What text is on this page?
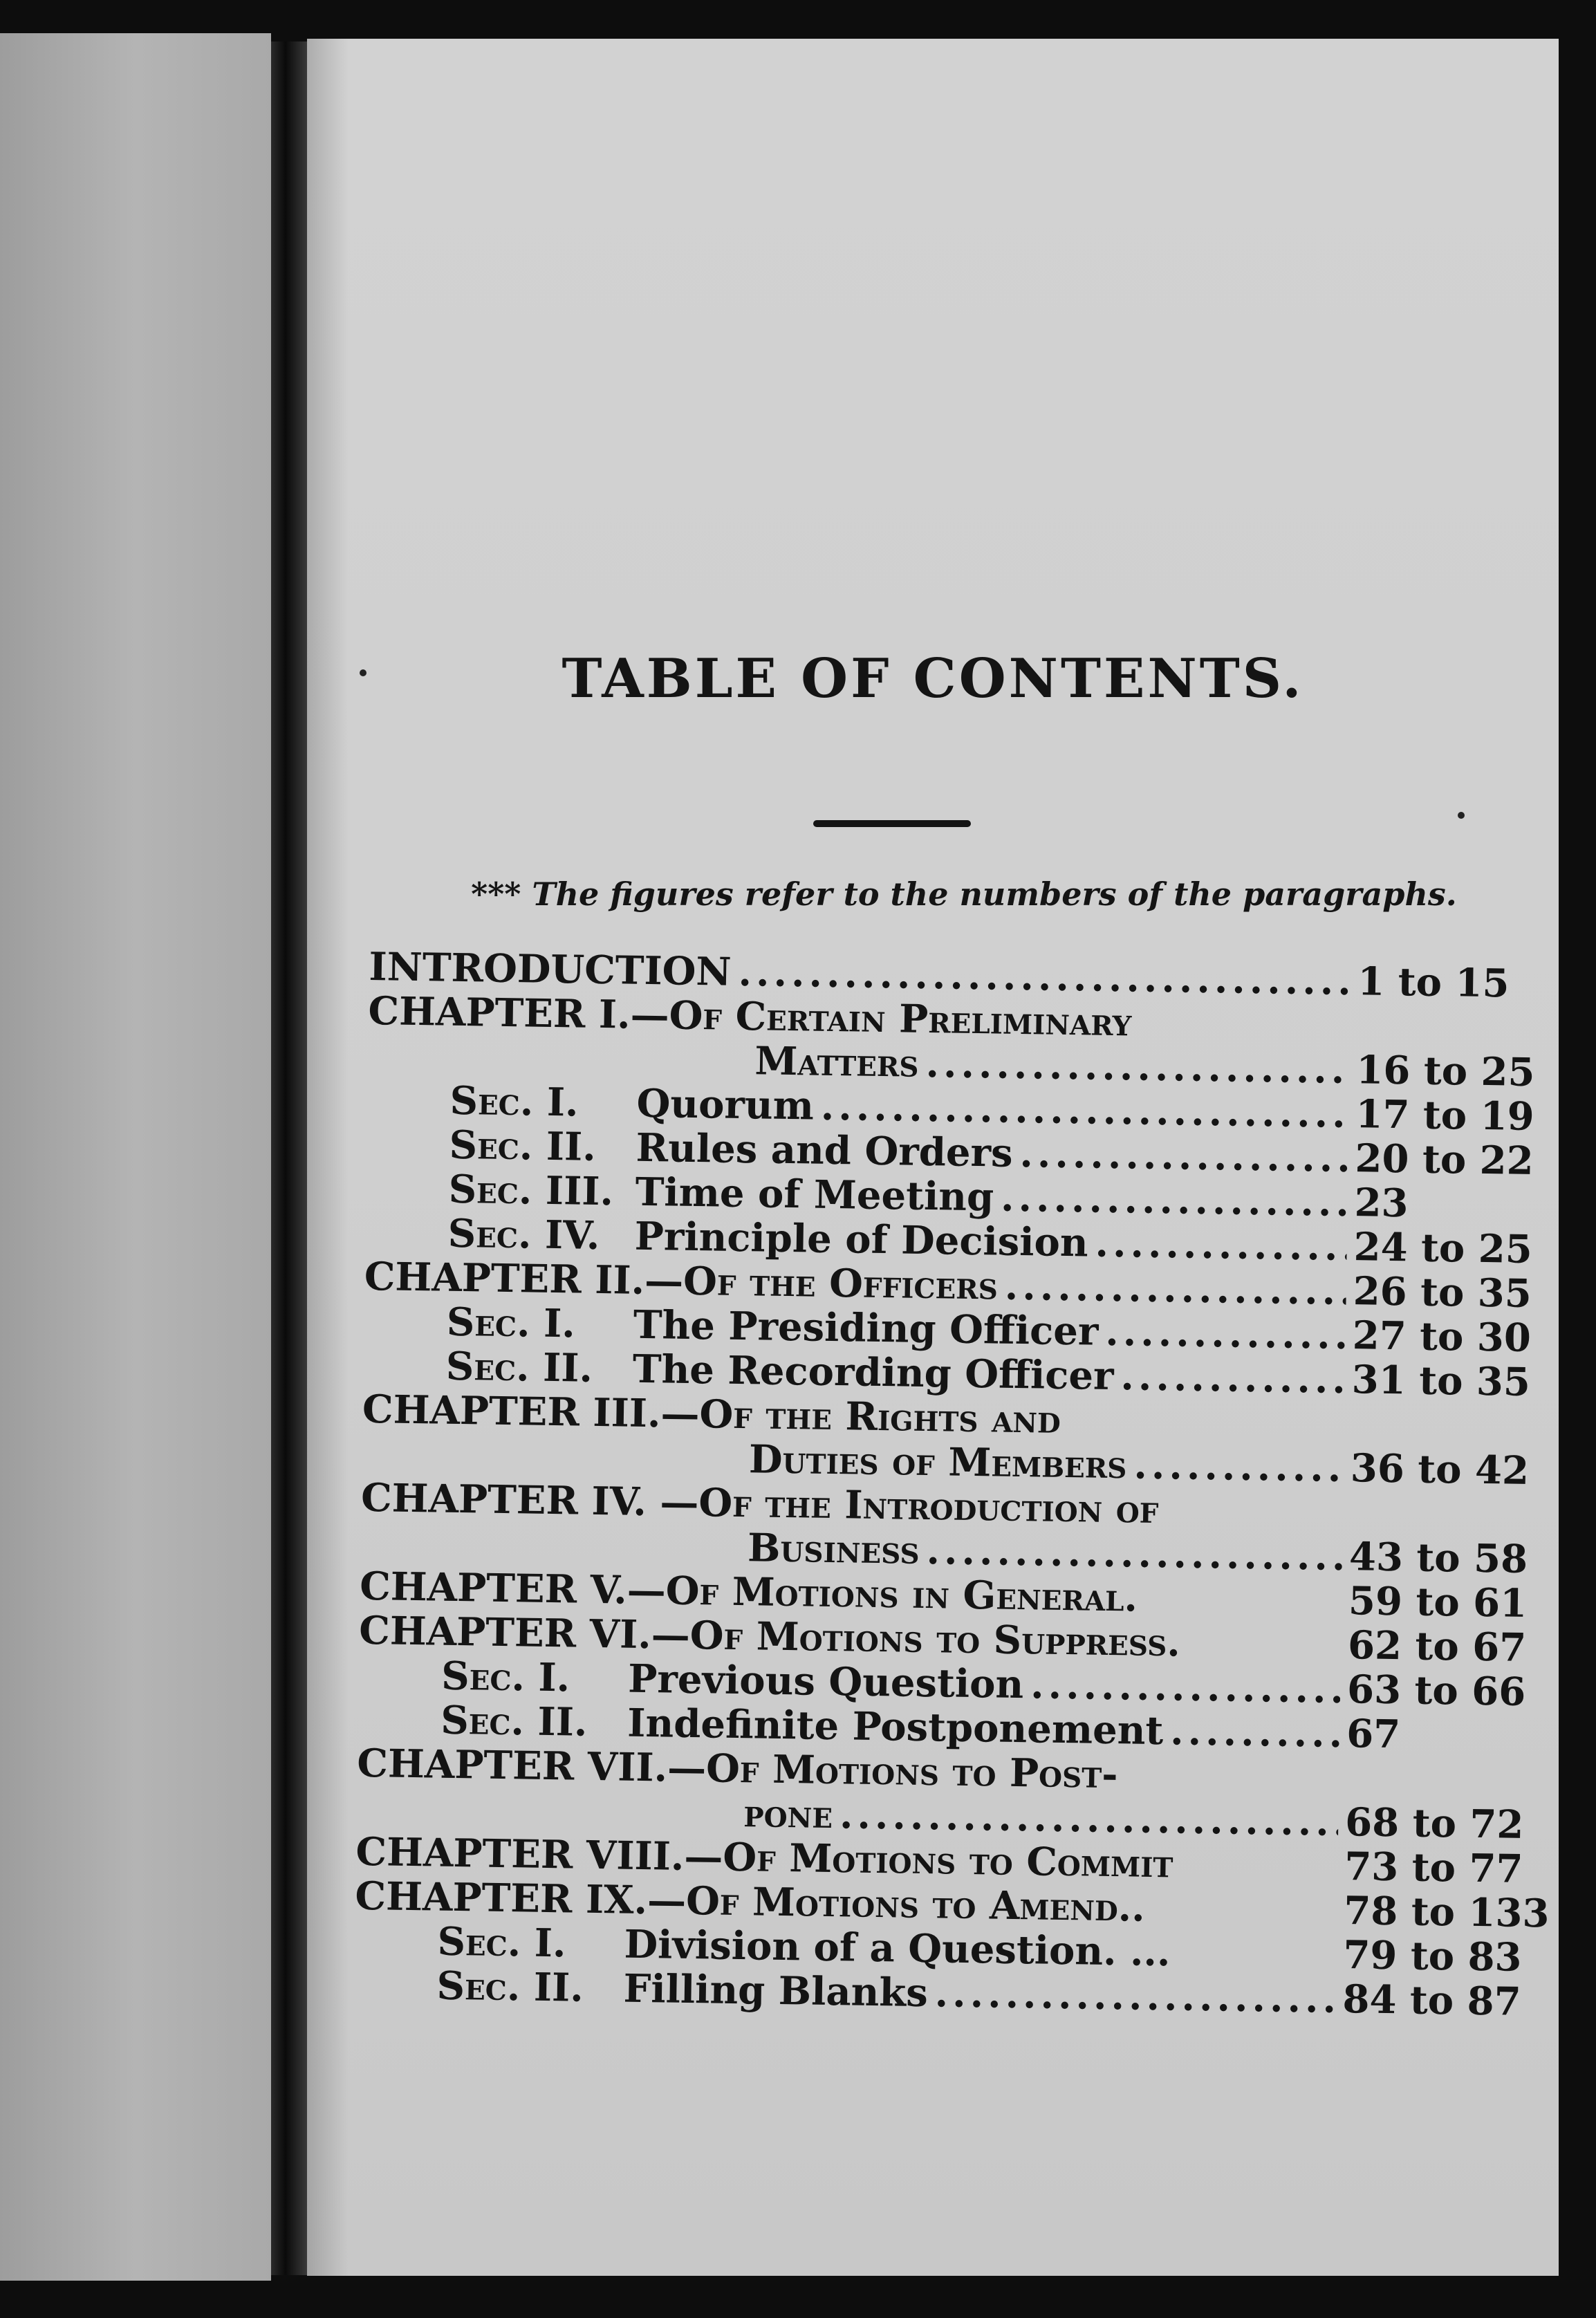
TABLE OF CONTENTS.
*** The figures refer to the numbers of the paragraphs.
INTRODUCTION .....	1 to 15
CHAPTER I.—Of Certain Preliminary
Matters .....	16 to 25
Sec. I.	Quorum .....	17 to 19
Sec. II.	Rules and Orders .....	20 to 22
Sec. III. Time of Meeting .....	23
Sec. IV. Principle of Decision .....	24 to 25
CHAPTER II.—Of the Officers .....	26 to 35
Sec. I.	The Presiding Officer .....	27 to 30
Sec. II.	The Recording Officer .....	31 to 35
CHAPTER III.—Of the Rights and
Duties of Members .....	36 to 42
CHAPTER IV. —Of the Introduction of
Business .....	43 to 58
CHAPTER V.—Of Motions in General.	59 to 61
CHAPTER VI.—Of Motions to Suppress.	62 to 67
Sec. I.	Previous Question .....	63 to 66
Sec. II.	Indefinite Postponement .....	67
CHAPTER VII.—Of Motions to Post-
pone .....	68 to 72
CHAPTER VIII.—Of Motions to Commit	73 to 77
CHAPTER IX.—Of Motions to Amend..	78 to 133
Sec. I.	Division of a Question. ...	79 to 83
Sec. II.	Filling Blanks .....	84 to 87
